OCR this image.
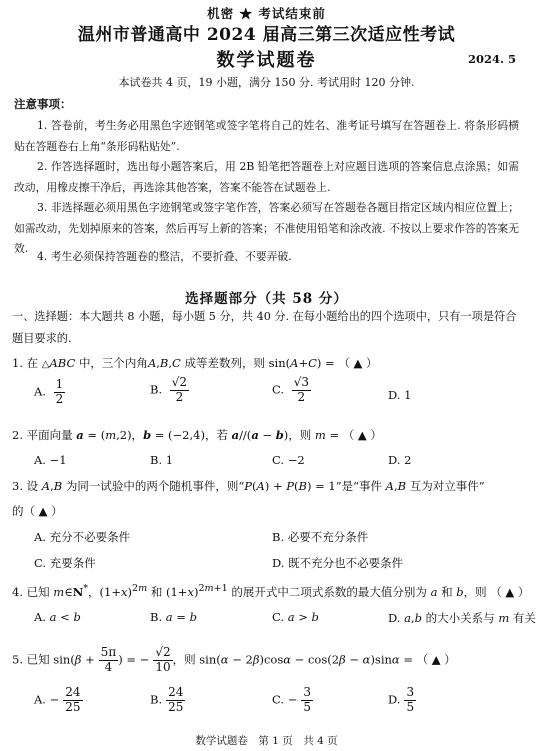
机密 ★ 考试结束前
温州市普通高中 2024 届高三第三次适应性考试
数学试题卷	2024. 5
本试卷共 4 页，19 小题，满分 150 分. 考试用时 120 分钟.
注意事项：
1. 答卷前，考生务必用黑色字迹钢笔或签字笔将自己的姓名、准考证号填写在答题卷上. 将条形码横贴在答题卷右上角“条形码粘贴处”.
2. 作答选择题时，选出每小题答案后，用 2B 铅笔把答题卷上对应题目选项的答案信息点涂黑；如需改动，用橡皮擦干净后，再选涂其他答案，答案不能答在试题卷上.
3. 非选择题必须用黑色字迹钢笔或签字笔作答，答案必须写在答题卷各题目指定区域内相应位置上；如需改动，先划掉原来的答案，然后再写上新的答案；不准使用铅笔和涂改液. 不按以上要求作答的答案无效.
4. 考生必须保持答题卷的整洁，不要折叠、不要弄破.
选择题部分（共 58 分）
一、选择题：本大题共 8 小题，每小题 5 分，共 40 分. 在每小题给出的四个选项中，只有一项是符合题目要求的.
1. 在 △ABC 中，三个内角A,B,C 成等差数列，则 sin(A+C) = （ ▲ ）
A. $\frac{1}{2}$	B. $\frac{√2}{2}$	C. $\frac{√3}{2}$	D. 1
2. 平面向量 a = (m,2)，b = (−2,4)，若 a//(a − b)，则 m = （ ▲ ）
A. −1	B. 1	C. −2	D. 2
3. 设 A,B 为同一试验中的两个随机事件，则“P(A) + P(B) = 1”是“事件 A,B 互为对立事件”
的（ ▲ ）
A. 充分不必要条件	B. 必要不充分条件
C. 充要条件	D. 既不充分也不必要条件
4. 已知 m∈N*，$(1+x)^{2m}$ 和 $(1+x)^{2m+1}$ 的展开式中二项式系数的最大值分别为 a 和 b，则 （ ▲ ）
A. a < b	B. a = b	C. a > b	D. a,b 的大小关系与 m 有关
5. 已知 $\sin(\beta + \frac{5\pi}{4}$ ) = − $\frac{√2}{10}$ ，则 sin(α − 2β)cosα − cos(2β − α)sinα = （ ▲ ）
A. − $\frac{24}{25}$	B. $\frac{24}{25}$	C. − $\frac{3}{5}$	D. $\frac{3}{5}$
数学试题卷　第 1 页　共 4 页
